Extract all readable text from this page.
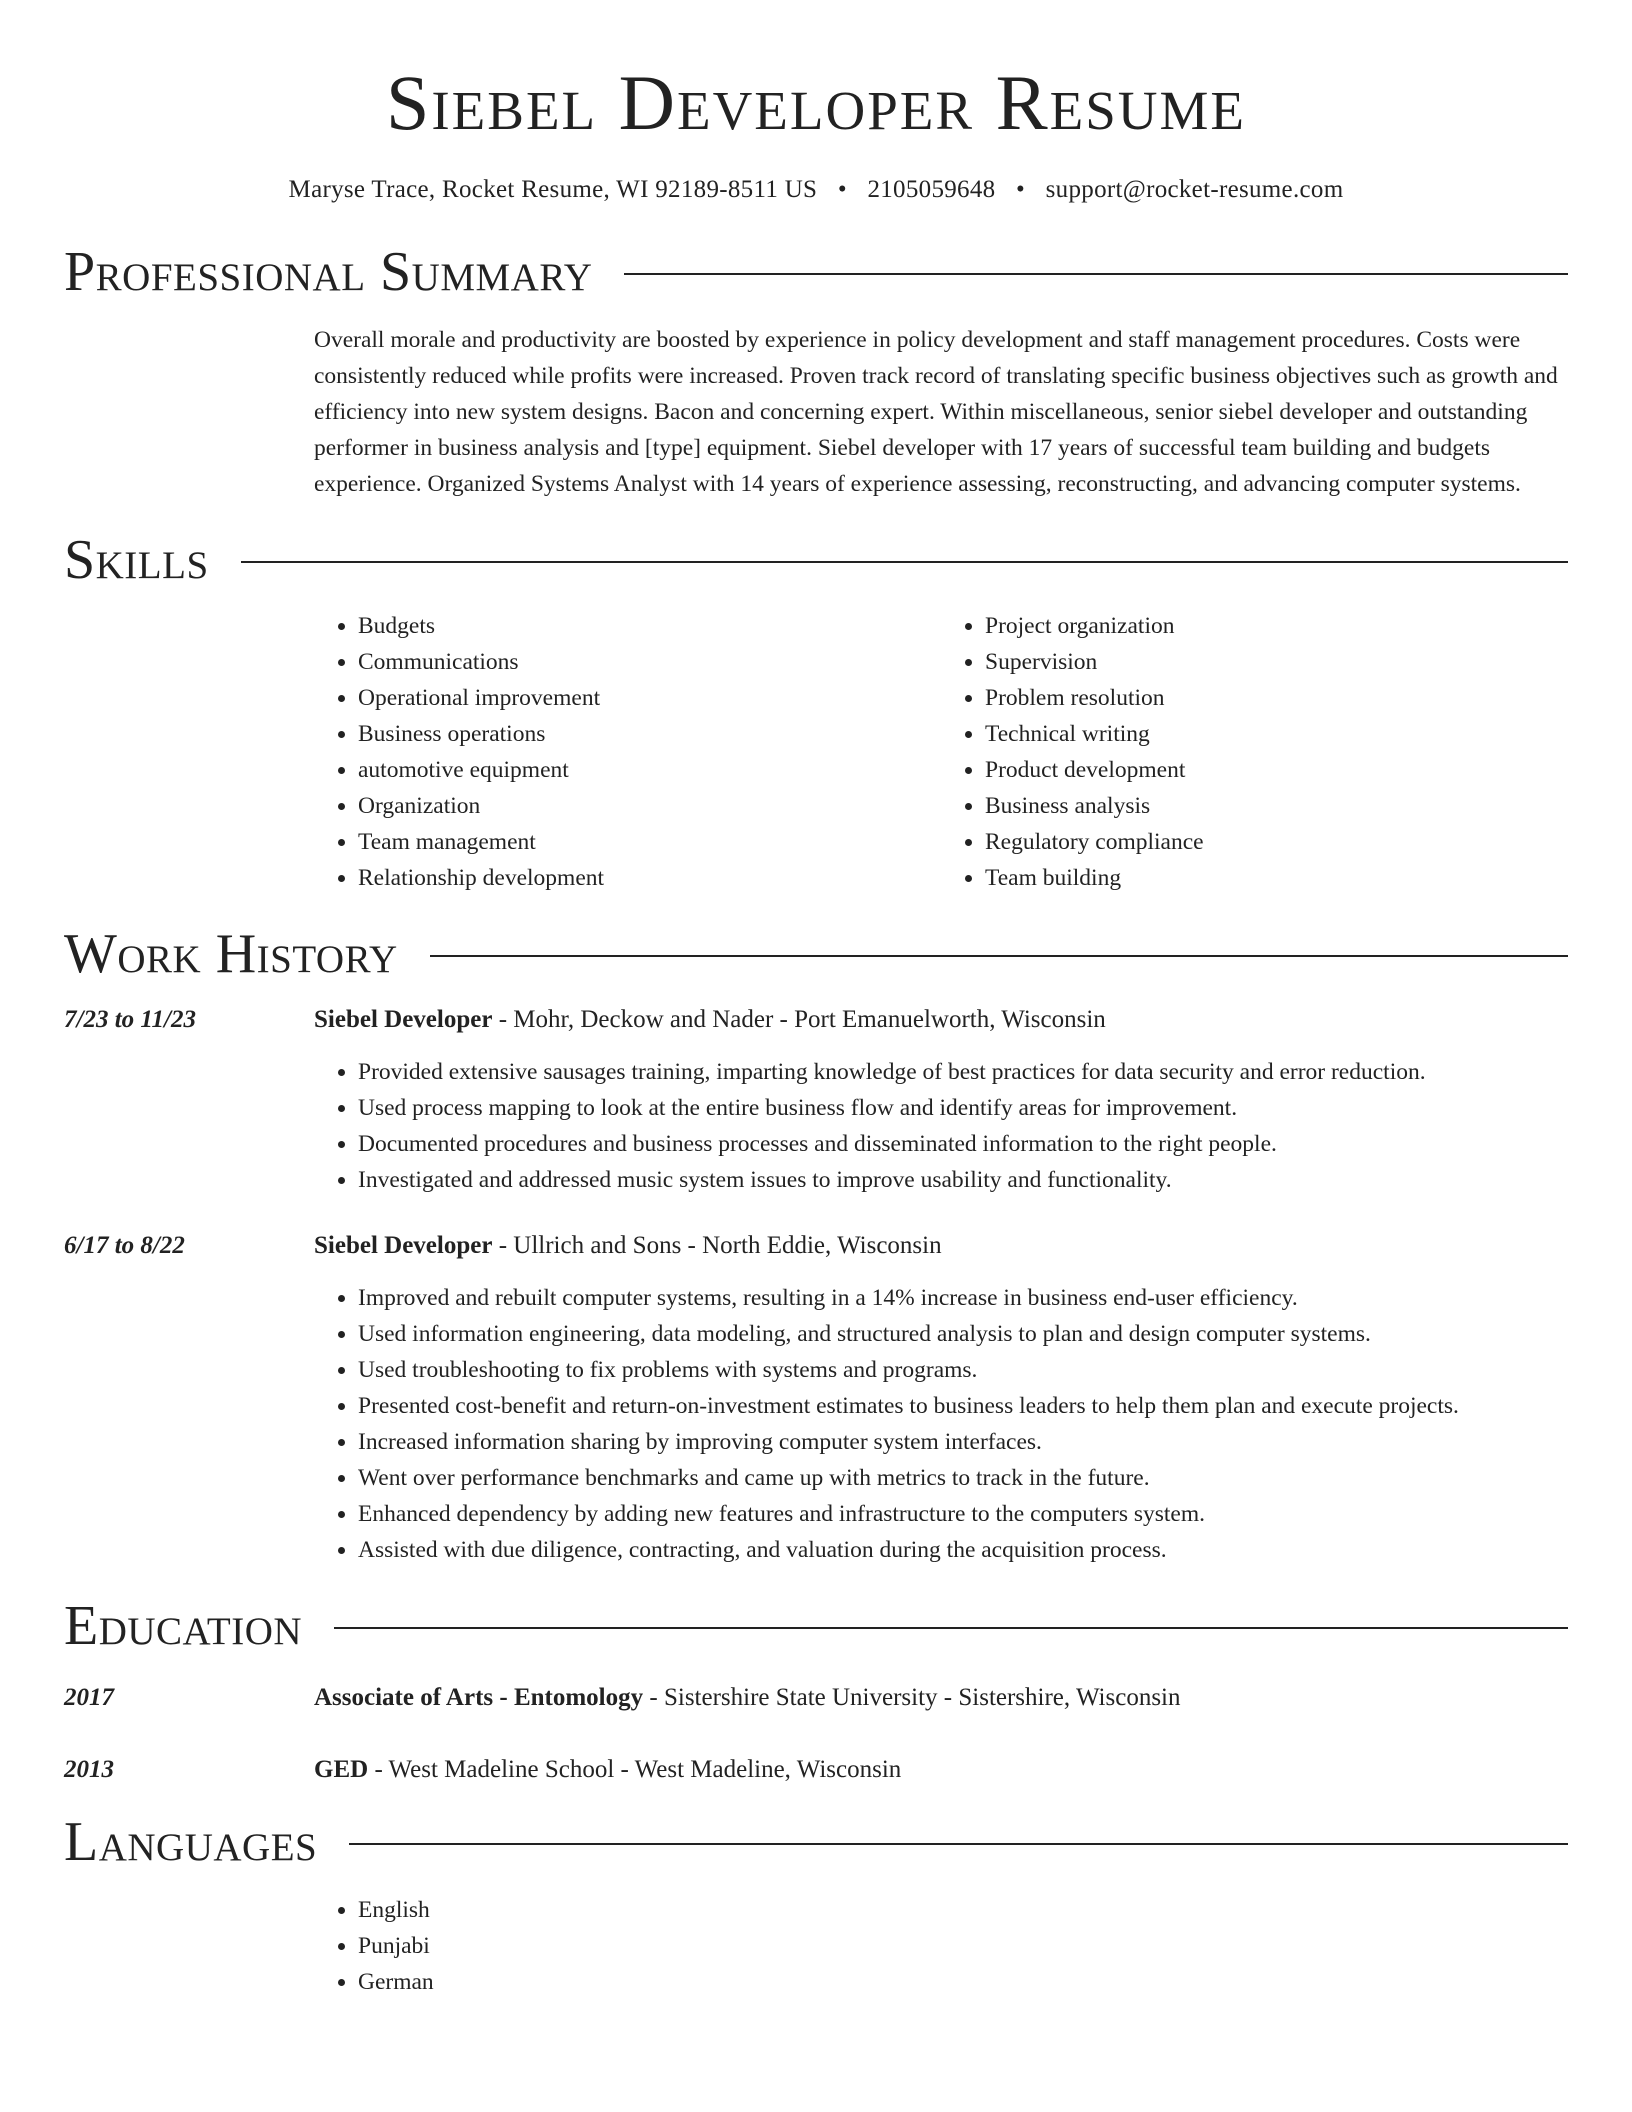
Siebel Developer Resume
Maryse Trace, Rocket Resume, WI 92189-8511 US • 2105059648 • support@rocket-resume.com
Professional Summary

Overall morale and productivity are boosted by experience in policy development and staff management procedures. Costs were consistently reduced while profits were increased. Proven track record of translating specific business objectives such as growth and efficiency into new system designs. Bacon and concerning expert. Within miscellaneous, senior siebel developer and outstanding performer in business analysis and [type] equipment. Siebel developer with 17 years of successful team building and budgets experience. Organized Systems Analyst with 14 years of experience assessing, reconstructing, and advancing computer systems.

Skills
• Budgets
• Communications
• Operational improvement
• Business operations
• automotive equipment
• Organization
• Team management
• Relationship development
• Project organization
• Supervision
• Problem resolution
• Technical writing
• Product development
• Business analysis
• Regulatory compliance
• Team building
Work History
7/23 to 11/23	Siebel Developer - Mohr, Deckow and Nader - Port Emanuelworth, Wisconsin
• Provided extensive sausages training, imparting knowledge of best practices for data security and error reduction.
• Used process mapping to look at the entire business flow and identify areas for improvement.
• Documented procedures and business processes and disseminated information to the right people.
• Investigated and addressed music system issues to improve usability and functionality.
6/17 to 8/22	Siebel Developer - Ullrich and Sons - North Eddie, Wisconsin
• Improved and rebuilt computer systems, resulting in a 14% increase in business end-user efficiency.
• Used information engineering, data modeling, and structured analysis to plan and design computer systems.
• Used troubleshooting to fix problems with systems and programs.
• Presented cost-benefit and return-on-investment estimates to business leaders to help them plan and execute projects.
• Increased information sharing by improving computer system interfaces.
• Went over performance benchmarks and came up with metrics to track in the future.
• Enhanced dependency by adding new features and infrastructure to the computers system.
• Assisted with due diligence, contracting, and valuation during the acquisition process.
Education
2017	Associate of Arts - Entomology - Sistershire State University - Sistershire, Wisconsin
2013	GED - West Madeline School - West Madeline, Wisconsin
Languages
• English
• Punjabi
• German
